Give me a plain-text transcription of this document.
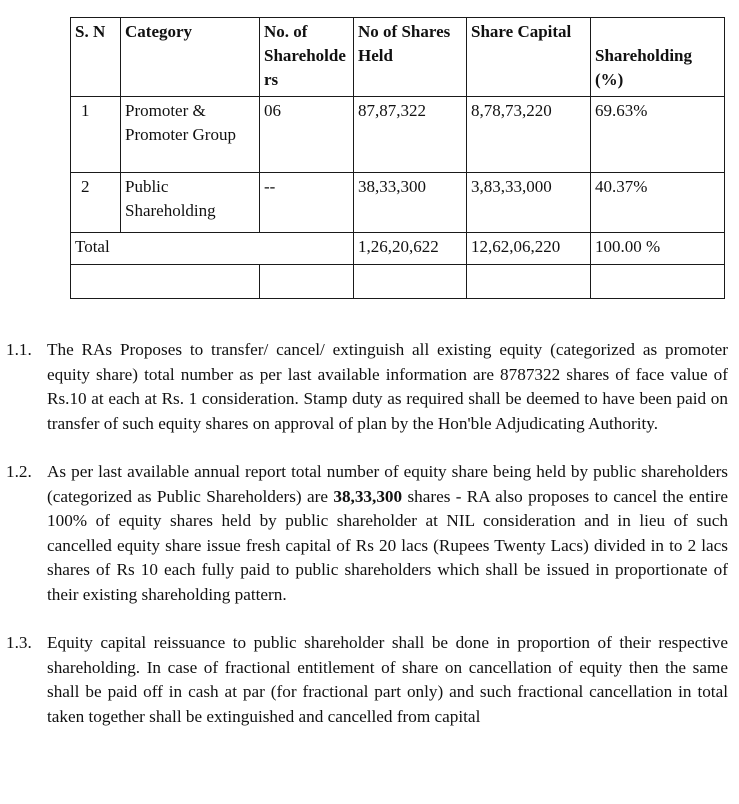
S. N	Category	No. of Shareholders	No of Shares Held	Share Capital	Shareholding (%)
1	Promoter & Promoter Group	06	87,87,322	8,78,73,220	69.63%
2	Public Shareholding	--	38,33,300	3,83,33,000	40.37%
Total			1,26,20,622	12,62,06,220	100.00 %

1.1. The RAs Proposes to transfer/ cancel/ extinguish all existing equity (categorized as promoter equity share) total number as per last available information are 8787322 shares of face value of Rs.10 at each at Rs. 1 consideration. Stamp duty as required shall be deemed to have been paid on transfer of such equity shares on approval of plan by the Hon'ble Adjudicating Authority.
1.2. As per last available annual report total number of equity share being held by public shareholders (categorized as Public Shareholders) are 38,33,300 shares - RA also proposes to cancel the entire 100% of equity shares held by public shareholder at NIL consideration and in lieu of such cancelled equity share issue fresh capital of Rs 20 lacs (Rupees Twenty Lacs) divided in to 2 lacs shares of Rs 10 each fully paid to public shareholders which shall be issued in proportionate of their existing shareholding pattern.
1.3. Equity capital reissuance to public shareholder shall be done in proportion of their respective shareholding. In case of fractional entitlement of share on cancellation of equity then the same shall be paid off in cash at par (for fractional part only) and such fractional cancellation in total taken together shall be extinguished and cancelled from capital
